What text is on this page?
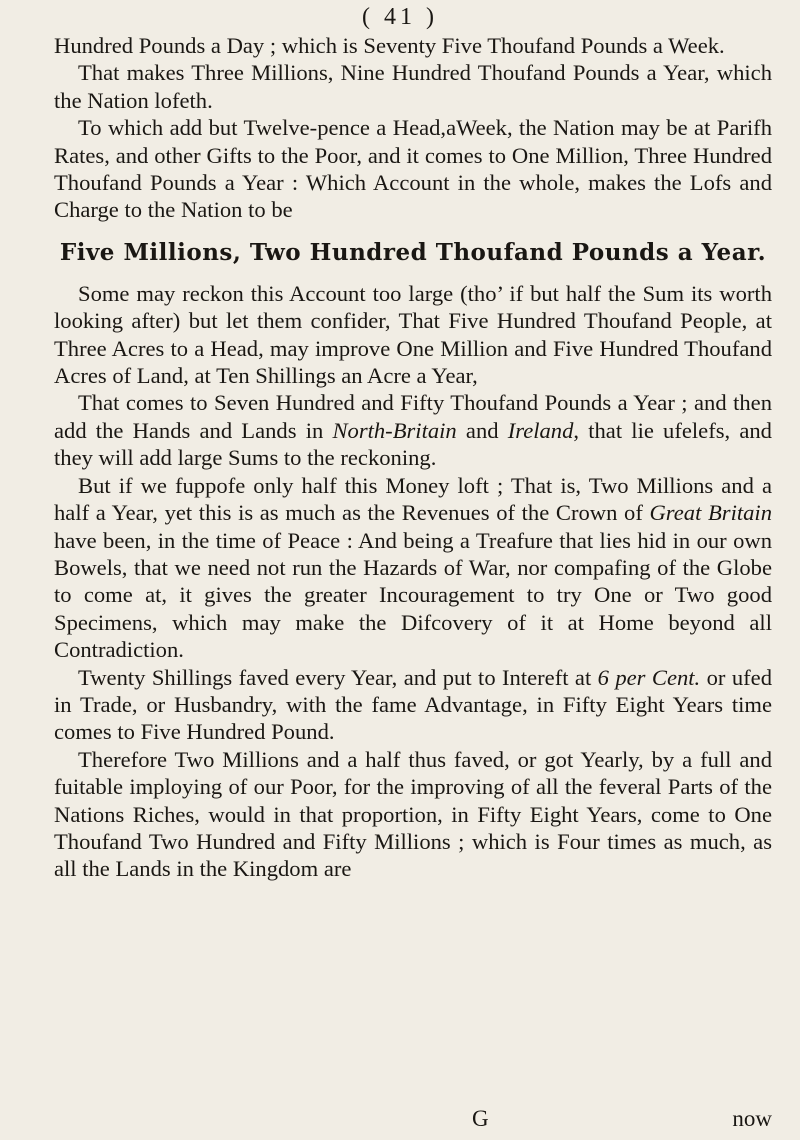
( 41 )

Hundred Pounds a Day ; which is Seventy Five Thoufand Pounds a Week.

That makes Three Millions, Nine Hundred Thoufand Pounds a Year, which the Nation lofeth.

To which add but Twelve-pence a Head,aWeek, the Nation may be at Parifh Rates, and other Gifts to the Poor, and it comes to One Million, Three Hundred Thoufand Pounds a Year : Which Account in the whole, makes the Lofs and Charge to the Nation to be

Five Millions, Two Hundred Thoufand Pounds a Year.

Some may reckon this Account too large (tho’ if but half the Sum its worth looking after) but let them confider, That Five Hundred Thoufand People, at Three Acres to a Head, may improve One Million and Five Hundred Thoufand Acres of Land, at Ten Shillings an Acre a Year,

That comes to Seven Hundred and Fifty Thoufand Pounds a Year ; and then add the Hands and Lands in North-Britain and Ireland, that lie ufelefs, and they will add large Sums to the reckoning.

But if we fuppofe only half this Money loft ; That is, Two Millions and a half a Year, yet this is as much as the Revenues of the Crown of Great Britain have been, in the time of Peace : And being a Treafure that lies hid in our own Bowels, that we need not run the Hazards of War, nor compafing of the Globe to come at, it gives the greater Incouragement to try One or Two good Specimens, which may make the Difcovery of it at Home beyond all Contradiction.

Twenty Shillings faved every Year, and put to Intereft at 6 per Cent. or ufed in Trade, or Husbandry, with the fame Advantage, in Fifty Eight Years time comes to Five Hundred Pound.

Therefore Two Millions and a half thus faved, or got Yearly, by a full and fuitable imploying of our Poor, for the improving of all the feveral Parts of the Nations Riches, would in that proportion, in Fifty Eight Years, come to One Thoufand Two Hundred and Fifty Millions ; which is Four times as much, as all the Lands in the Kingdom are

G	now
